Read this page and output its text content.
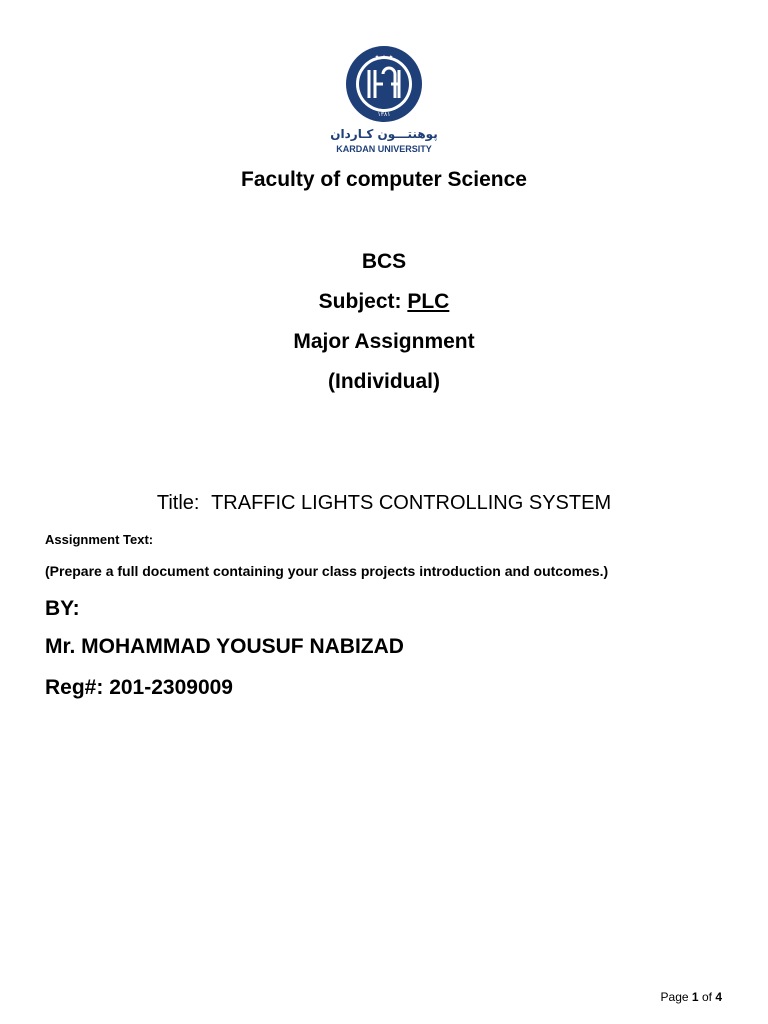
✦ ✦ ✦
۱۳۸۱
پوهنتـــون کـاردان
KARDAN UNIVERSITY
Faculty of computer Science
BCS
Subject: PLC
Major Assignment
(Individual)
Title: TRAFFIC LIGHTS CONTROLLING SYSTEM
Assignment Text:
(Prepare a full document containing your class projects introduction and outcomes.)
BY:
Mr. MOHAMMAD YOUSUF NABIZAD
Reg#: 201-2309009
Page 1 of 4
